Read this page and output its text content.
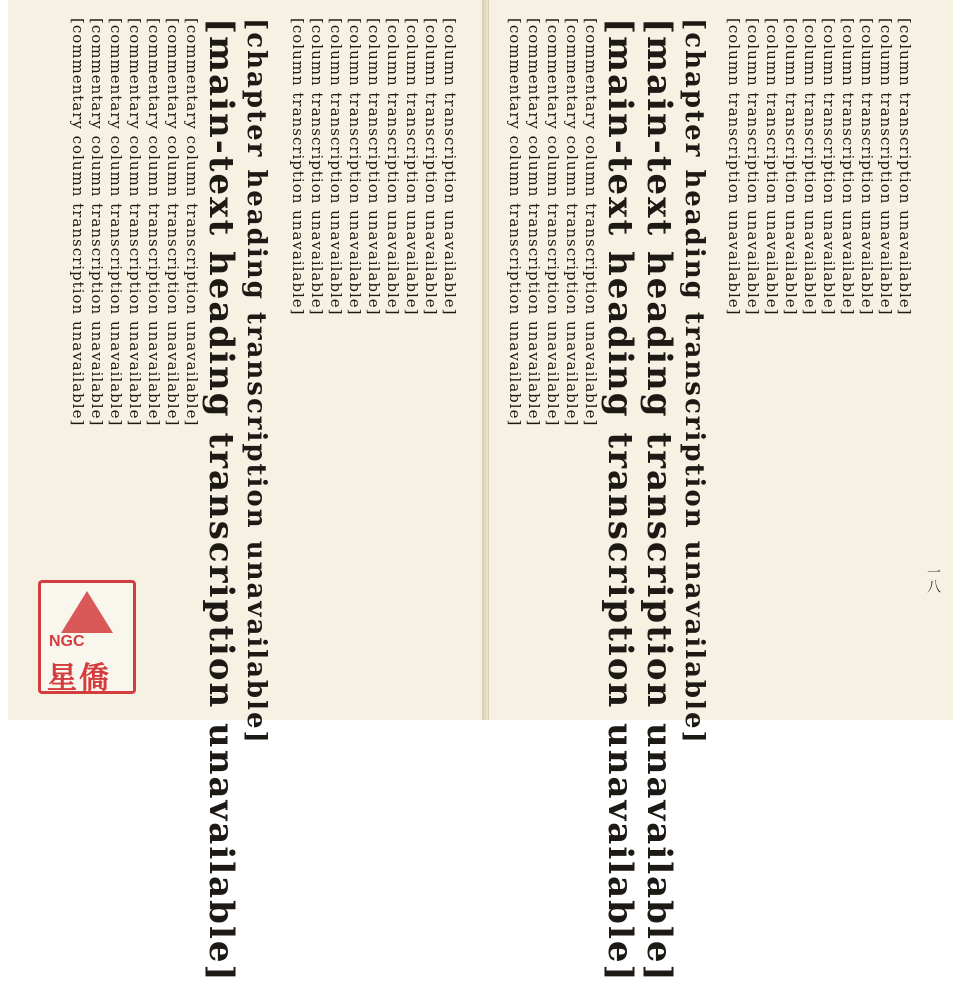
[column transcription unavailable]
[column transcription unavailable]
[column transcription unavailable]
[column transcription unavailable]
[column transcription unavailable]
[column transcription unavailable]
[column transcription unavailable]
[column transcription unavailable]
[column transcription unavailable]
[chapter heading transcription unavailable]
[main-text heading transcription unavailable]
[commentary column transcription unavailable]
[commentary column transcription unavailable]
[commentary column transcription unavailable]
[commentary column transcription unavailable]
[commentary column transcription unavailable]
[commentary column transcription unavailable]
[commentary column transcription unavailable]
NGC
星僑
[column transcription unavailable]
[column transcription unavailable]
[column transcription unavailable]
[column transcription unavailable]
[column transcription unavailable]
[column transcription unavailable]
[column transcription unavailable]
[column transcription unavailable]
[column transcription unavailable]
[column transcription unavailable]
[chapter heading transcription unavailable]
[main-text heading transcription unavailable]
[main-text heading transcription unavailable]
[commentary column transcription unavailable]
[commentary column transcription unavailable]
[commentary column transcription unavailable]
[commentary column transcription unavailable]
[commentary column transcription unavailable]
一八
